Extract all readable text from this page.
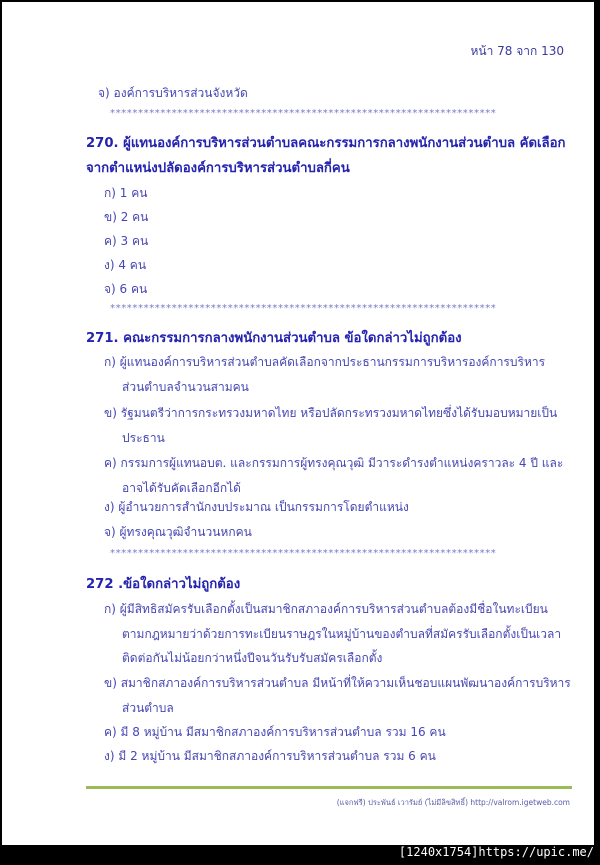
หน้า 78 จาก 130
จ) องค์การบริหารส่วนจังหวัด
*********************************************************************
270. ผู้แทนองค์การบริหารส่วนตำบลคณะกรรมการกลางพนักงานส่วนตำบล คัดเลือก
จากตำแหน่งปลัดองค์การบริหารส่วนตำบลกี่คน
ก) 1 คน
ข) 2 คน
ค) 3 คน
ง) 4 คน
จ) 6 คน
*********************************************************************
271. คณะกรรมการกลางพนักงานส่วนตำบล ข้อใดกล่าวไม่ถูกต้อง
ก) ผู้แทนองค์การบริหารส่วนตำบลคัดเลือกจากประธานกรรมการบริหารองค์การบริหาร
ส่วนตำบลจำนวนสามคน
ข) รัฐมนตรีว่าการกระทรวงมหาดไทย หรือปลัดกระทรวงมหาดไทยซึ่งได้รับมอบหมายเป็น
ประธาน
ค) กรรมการผู้แทนอบต. และกรรมการผู้ทรงคุณวุฒิ มีวาระดำรงตำแหน่งคราวละ 4 ปี และ
อาจได้รับคัดเลือกอีกได้
ง) ผู้อำนวยการสำนักงบประมาณ เป็นกรรมการโดยตำแหน่ง
จ) ผู้ทรงคุณวุฒิจำนวนหกคน
*********************************************************************
272 .ข้อใดกล่าวไม่ถูกต้อง
ก) ผู้มีสิทธิสมัครรับเลือกตั้งเป็นสมาชิกสภาองค์การบริหารส่วนตำบลต้องมีชื่อในทะเบียน
ตามกฎหมายว่าด้วยการทะเบียนราษฎรในหมู่บ้านของตำบลที่สมัครรับเลือกตั้งเป็นเวลา
ติดต่อกันไม่น้อยกว่าหนึ่งปีจนวันรับรับสมัครเลือกตั้ง
ข) สมาชิกสภาองค์การบริหารส่วนตำบล มีหน้าที่ให้ความเห็นชอบแผนพัฒนาองค์การบริหาร
ส่วนตำบล
ค) มี 8 หมู่บ้าน มีสมาชิกสภาองค์การบริหารส่วนตำบล รวม 16 คน
ง) มี 2 หมู่บ้าน มีสมาชิกสภาองค์การบริหารส่วนตำบล รวม 6 คน
(แจกฟรี) ประพันธ์ เวารัมย์ (ไม่มีลิขสิทธิ์) http://valrom.igetweb.com
[1240x1754]https://upic.me/
